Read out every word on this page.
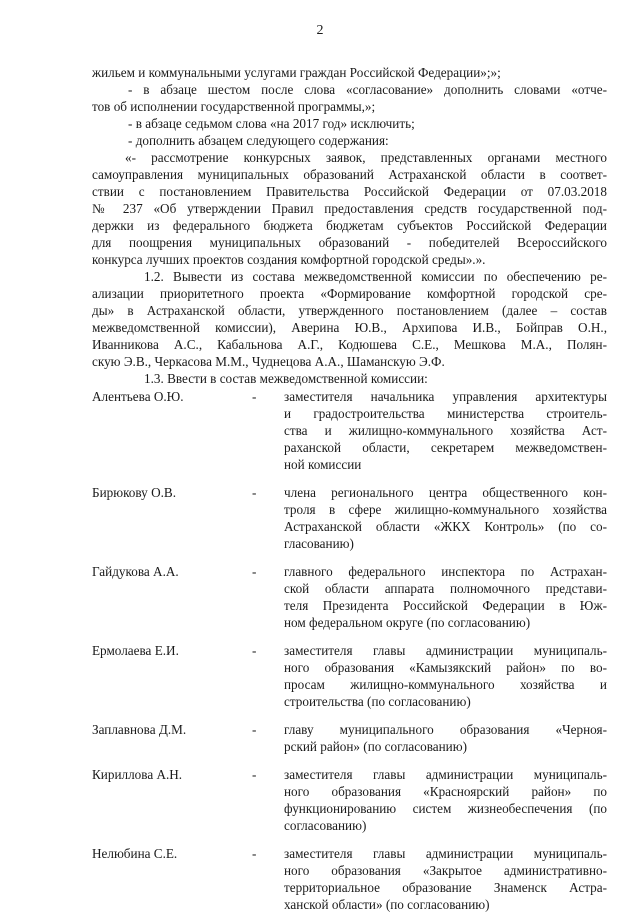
2
жильем и коммунальными услугами граждан Российской Федерации»;»;
- в абзаце шестом после слова «согласование» дополнить словами «отче-
тов об исполнении государственной программы,»;
- в абзаце седьмом слова «на 2017 год» исключить;
- дополнить абзацем следующего содержания:
«- рассмотрение конкурсных заявок, представленных органами местного
самоуправления муниципальных образований Астраханской области в соответ-
ствии с постановлением Правительства Российской Федерации от 07.03.2018
№ 237 «Об утверждении Правил предоставления средств государственной под-
держки из федерального бюджета бюджетам субъектов Российской Федерации
для поощрения муниципальных образований - победителей Всероссийского
конкурса лучших проектов создания комфортной городской среды».».
1.2. Вывести из состава межведомственной комиссии по обеспечению ре-
ализации приоритетного проекта «Формирование комфортной городской сре-
ды» в Астраханской области, утвержденного постановлением (далее – состав
межведомственной комиссии), Аверина Ю.В., Архипова И.В., Бойправ О.Н.,
Иванникова А.С., Кабальнова А.Г., Кодюшева С.Е., Мешкова М.А., Полян-
скую Э.В., Черкасова М.М., Чуднецова А.А., Шаманскую Э.Ф.
1.3. Ввести в состав межведомственной комиссии:
Алентьева О.Ю.	-	заместителя начальника управления архитектуры
и градостроительства министерства строитель-
ства и жилищно-коммунального хозяйства Аст-
раханской области, секретарем межведомствен-
ной комиссии

Бирюкову О.В.	-	члена регионального центра общественного кон-
троля в сфере жилищно-коммунального хозяйства
Астраханской области «ЖКХ Контроль» (по со-
гласованию)

Гайдукова А.А.	-	главного федерального инспектора по Астрахан-
ской области аппарата полномочного представи-
теля Президента Российской Федерации в Юж-
ном федеральном округе (по согласованию)

Ермолаева Е.И.	-	заместителя главы администрации муниципаль-
ного образования «Камызякский район» по во-
просам жилищно-коммунального хозяйства и
строительства (по согласованию)

Заплавнова Д.М.	-	главу муниципального образования «Черноя-
рский район» (по согласованию)

Кириллова А.Н.	-	заместителя главы администрации муниципаль-
ного образования «Красноярский район» по
функционированию систем жизнеобеспечения (по
согласованию)

Нелюбина С.Е.	-	заместителя главы администрации муниципаль-
ного образования «Закрытое административно-
территориальное образование Знаменск Астра-
ханской области» (по согласованию)
